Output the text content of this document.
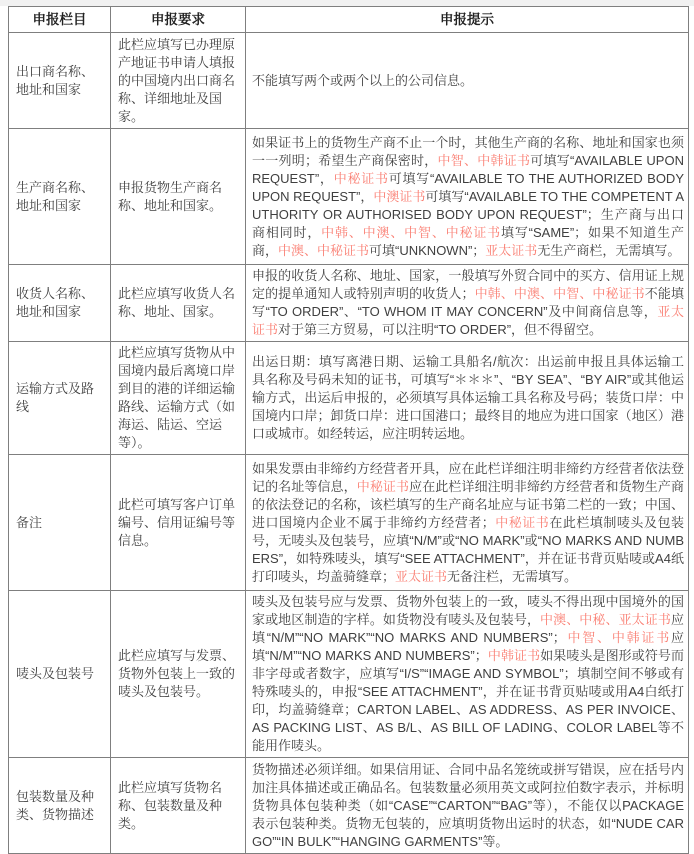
申报栏目	申报要求	申报提示
出口商名称、地址和国家	此栏应填写已办理原产地证书申请人填报的中国境内出口商名称、详细地址及国家。	不能填写两个或两个以上的公司信息。
生产商名称、地址和国家	申报货物生产商名称、地址和国家。	如果证书上的货物生产商不止一个时，其他生产商的名称、地址和国家也须一一列明；希望生产商保密时，中智、中韩证书可填写“AVAILABLE UPON REQUEST”，中秘证书可填写“AVAILABLE TO THE AUTHORIZED BODY UPON REQUEST”，中澳证书可填写“AVAILABLE TO THE COMPETENT AUTHORITY OR AUTHORISED BODY UPON REQUEST”；生产商与出口商相同时，中韩、中澳、中智、中秘证书填写“SAME”；如果不知道生产商，中澳、中秘证书可填“UNKNOWN”；亚太证书无生产商栏，无需填写。
收货人名称、地址和国家	此栏应填写收货人名称、地址、国家。	申报的收货人名称、地址、国家，一般填写外贸合同中的买方、信用证上规定的提单通知人或特别声明的收货人；中韩、中澳、中智、中秘证书不能填写“TO ORDER”、“TO WHOM IT MAY CONCERN”及中间商信息等，亚太证书对于第三方贸易，可以注明“TO ORDER”，但不得留空。
运输方式及路线	此栏应填写货物从中国境内最后离境口岸到目的港的详细运输路线、运输方式（如海运、陆运、空运等）。	出运日期：填写离港日期、运输工具船名/航次：出运前申报且具体运输工具名称及号码未知的证书，可填写“＊＊＊”、“BY SEA”、“BY AIR”或其他运输方式，出运后申报的，必须填写具体运输工具名称及号码；装货口岸：中国境内口岸；卸货口岸：进口国港口；最终目的地应为进口国家（地区）港口或城市。如经转运，应注明转运地。
备注	此栏可填写客户订单编号、信用证编号等信息。	如果发票由非缔约方经营者开具，应在此栏详细注明非缔约方经营者依法登记的名址等信息，中秘证书应在此栏详细注明非缔约方经营者和货物生产商的依法登记的名称，该栏填写的生产商名址应与证书第二栏的一致；中国、进口国境内企业不属于非缔约方经营者；中秘证书在此栏填制唛头及包装号，无唛头及包装号，应填“N/M”或“NO MARK”或“NO MARKS AND NUMBERS”，如特殊唛头，填写“SEE ATTACHMENT”，并在证书背页贴唛或A4纸打印唛头，均盖骑缝章；亚太证书无备注栏，无需填写。
唛头及包装号	此栏应填写与发票、货物外包装上一致的唛头及包装号。	唛头及包装号应与发票、货物外包装上的一致，唛头不得出现中国境外的国家或地区制造的字样。如货物没有唛头及包装号，中澳、中秘、亚太证书应填“N/M”“NO MARK”“NO MARKS AND NUMBERS”；中智、中韩证书应填“N/M”“NO MARKS AND NUMBERS”；中韩证书如果唛头是图形或符号而非字母或者数字，应填写“I/S”“IMAGE AND SYMBOL”；填制空间不够或有特殊唛头的，申报“SEE ATTACHMENT”，并在证书背页贴唛或用A4白纸打印，均盖骑缝章；CARTON LABEL、AS ADDRESS、AS PER INVOICE、AS PACKING LIST、AS B/L、AS BILL OF LADING、COLOR LABEL等不能用作唛头。
包装数量及种类、货物描述	此栏应填写货物名称、包装数量及种类。	货物描述必须详细。如果信用证、合同中品名笼统或拼写错误，应在括号内加注具体描述或正确品名。包装数量必须用英文或阿拉伯数字表示，并标明货物具体包装种类（如“CASE”“CARTON”“BAG”等），不能仅以PACKAGE表示包装种类。货物无包装的，应填明货物出运时的状态，如“NUDE CARGO”“IN BULK”“HANGING GARMENTS”等。
